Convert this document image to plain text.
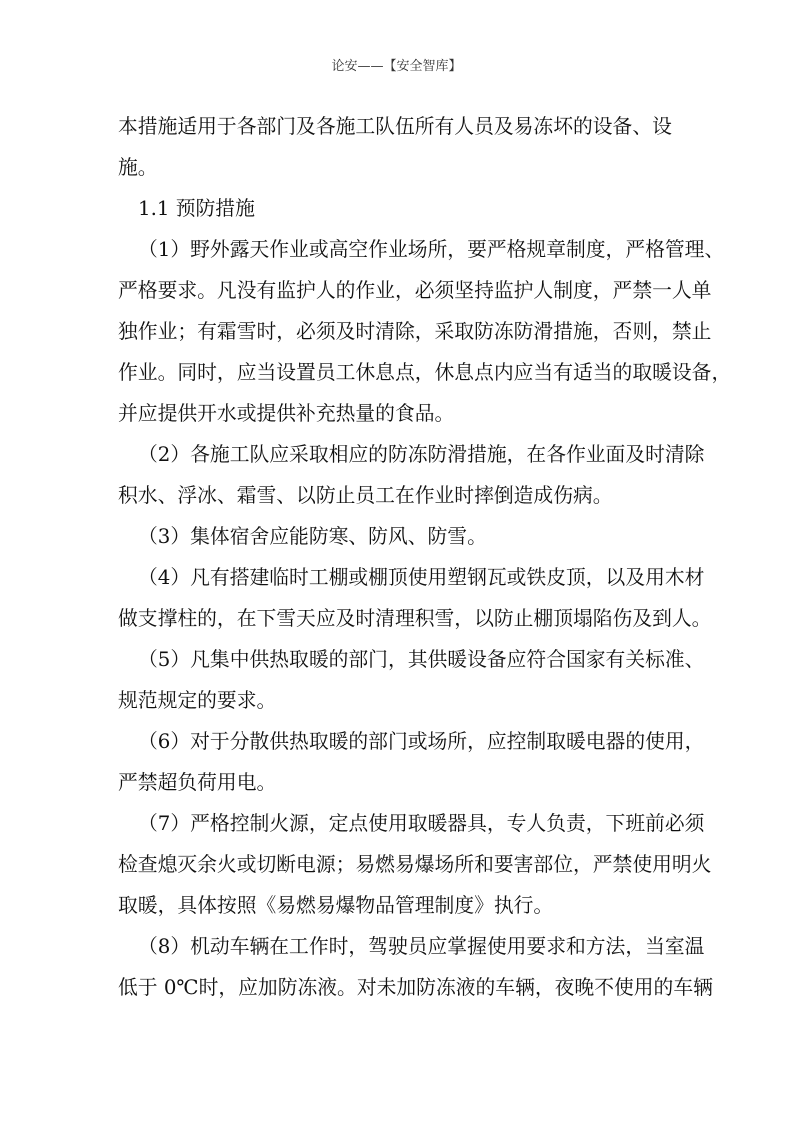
论安——【安全智库】
本措施适用于各部门及各施工队伍所有人员及易冻坏的设备、设
施。
1.1 预防措施
（1）野外露天作业或高空作业场所，要严格规章制度，严格管理、
严格要求。凡没有监护人的作业，必须坚持监护人制度，严禁一人单
独作业；有霜雪时，必须及时清除，采取防冻防滑措施，否则，禁止
作业。同时，应当设置员工休息点，休息点内应当有适当的取暖设备，
并应提供开水或提供补充热量的食品。
（2）各施工队应采取相应的防冻防滑措施，在各作业面及时清除
积水、浮冰、霜雪、以防止员工在作业时摔倒造成伤病。
（3）集体宿舍应能防寒、防风、防雪。
（4）凡有搭建临时工棚或棚顶使用塑钢瓦或铁皮顶，以及用木材
做支撑柱的，在下雪天应及时清理积雪，以防止棚顶塌陷伤及到人。
（5）凡集中供热取暖的部门，其供暖设备应符合国家有关标准、
规范规定的要求。
（6）对于分散供热取暖的部门或场所，应控制取暖电器的使用，
严禁超负荷用电。
（7）严格控制火源，定点使用取暖器具，专人负责，下班前必须
检查熄灭余火或切断电源；易燃易爆场所和要害部位，严禁使用明火
取暖，具体按照《易燃易爆物品管理制度》执行。
（8）机动车辆在工作时，驾驶员应掌握使用要求和方法，当室温
低于 0℃时，应加防冻液。对未加防冻液的车辆，夜晚不使用的车辆
